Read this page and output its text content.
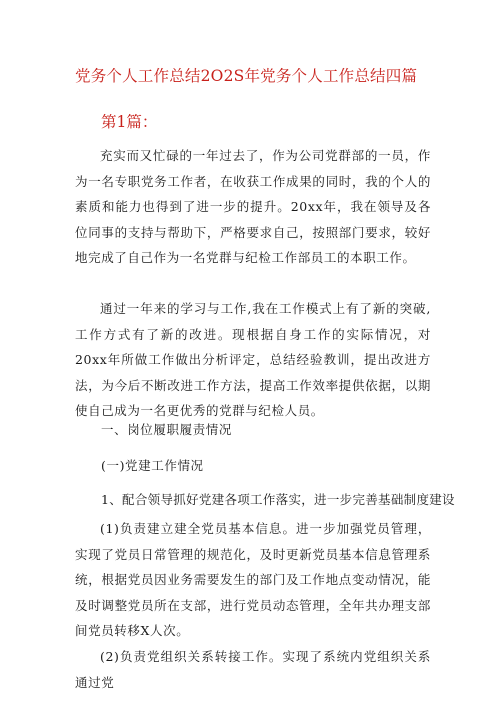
党务个人工作总结2O2S年党务个人工作总结四篇
第1篇：
充实而又忙碌的一年过去了，作为公司党群部的一员，作为一名专职党务工作者，在收获工作成果的同时，我的个人的素质和能力也得到了进一步的提升。20xx年，我在领导及各位同事的支持与帮助下，严格要求自己，按照部门要求，较好地完成了自己作为一名党群与纪检工作部员工的本职工作。
通过一年来的学习与工作,我在工作模式上有了新的突破,工作方式有了新的改进。现根据自身工作的实际情况，对20xx年所做工作做出分析评定，总结经验教训，提出改进方法，为今后不断改进工作方法，提高工作效率提供依据，以期使自己成为一名更优秀的党群与纪检人员。
一、岗位履职履责情况
(一)党建工作情况
1、配合领导抓好党建各项工作落实，进一步完善基础制度建设
(1)负责建立建全党员基本信息。进一步加强党员管理，实现了党员日常管理的规范化，及时更新党员基本信息管理系统，根据党员因业务需要发生的部门及工作地点变动情况，能及时调整党员所在支部，进行党员动态管理，全年共办理支部间党员转移X人次。
(2)负责党组织关系转接工作。实现了系统内党组织关系通过党
